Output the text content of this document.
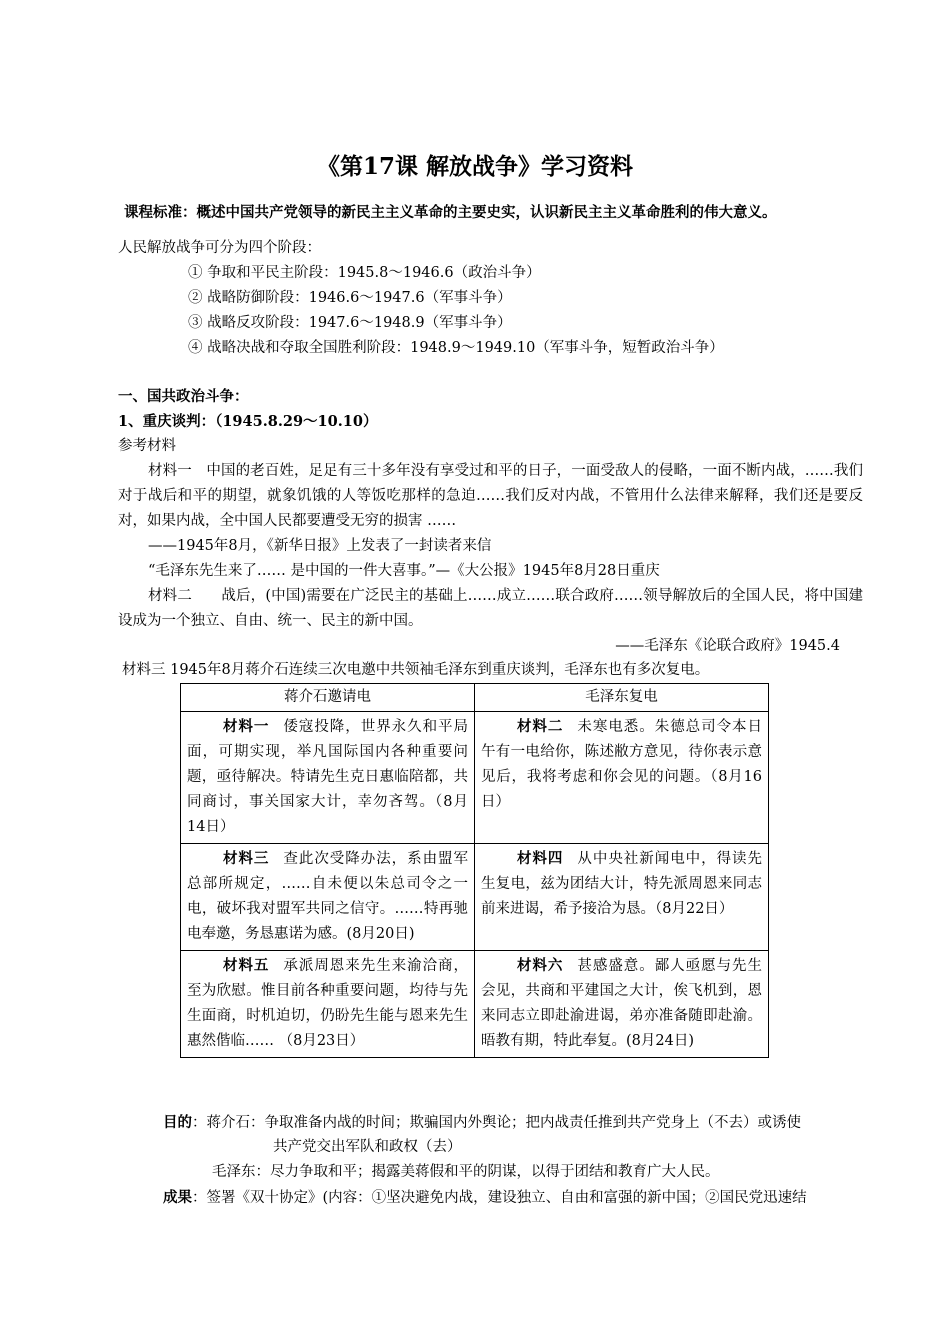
《第17课 解放战争》学习资料
课程标准：概述中国共产党领导的新民主主义革命的主要史实，认识新民主主义革命胜利的伟大意义。
人民解放战争可分为四个阶段：
① 争取和平民主阶段：1945.8～1946.6（政治斗争）
② 战略防御阶段：1946.6～1947.6（军事斗争）
③ 战略反攻阶段：1947.6～1948.9（军事斗争）
④ 战略决战和夺取全国胜利阶段：1948.9～1949.10（军事斗争，短暂政治斗争）
一、国共政治斗争：
1、重庆谈判：（1945.8.29～10.10）
参考材料
材料一　中国的老百姓，足足有三十多年没有享受过和平的日子，一面受敌人的侵略，一面不断内战，……我们对于战后和平的期望，就象饥饿的人等饭吃那样的急迫……我们反对内战，不管用什么法律来解释，我们还是要反对，如果内战，全中国人民都要遭受无穷的损害 ……
——1945年8月，《新华日报》上发表了一封读者来信
“毛泽东先生来了…… 是中国的一件大喜事。”—《大公报》1945年8月28日重庆
材料二　　战后，(中国)需要在广泛民主的基础上……成立……联合政府……领导解放后的全国人民，将中国建设成为一个独立、自由、统一、民主的新中国。
——毛泽东《论联合政府》1945.4
材料三 1945年8月蒋介石连续三次电邀中共领袖毛泽东到重庆谈判，毛泽东也有多次复电。
蒋介石邀请电	毛泽东复电
材料一 倭寇投降，世界永久和平局面，可期实现，举凡国际国内各种重要问题，亟待解决。特请先生克日惠临陪都，共同商讨，事关国家大计，幸勿吝驾。（8月14日）	材料二 未寒电悉。朱德总司令本日午有一电给你，陈述敝方意见，待你表示意见后，我将考虑和你会见的问题。（8月16日）
材料三 查此次受降办法，系由盟军总部所规定，……自未便以朱总司令之一电，破坏我对盟军共同之信守。……特再驰电奉邀，务恳惠诺为感。(8月20日)	材料四 从中央社新闻电中，得读先生复电，兹为团结大计，特先派周恩来同志前来进谒，希予接洽为恳。（8月22日）
材料五 承派周恩来先生来渝洽商，至为欣慰。惟目前各种重要问题，均待与先生面商，时机迫切，仍盼先生能与恩来先生惠然偕临…… （8月23日）	材料六 甚感盛意。鄙人亟愿与先生会见，共商和平建国之大计，俟飞机到，恩来同志立即赴渝进谒，弟亦准备随即赴渝。晤教有期，特此奉复。(8月24日)
目的：蒋介石：争取准备内战的时间；欺骗国内外舆论；把内战责任推到共产党身上（不去）或诱使
共产党交出军队和政权（去）
毛泽东：尽力争取和平；揭露美蒋假和平的阴谋，以得于团结和教育广大人民。
成果：签署《双十协定》(内容：①坚决避免内战，建设独立、自由和富强的新中国；②国民党迅速结
